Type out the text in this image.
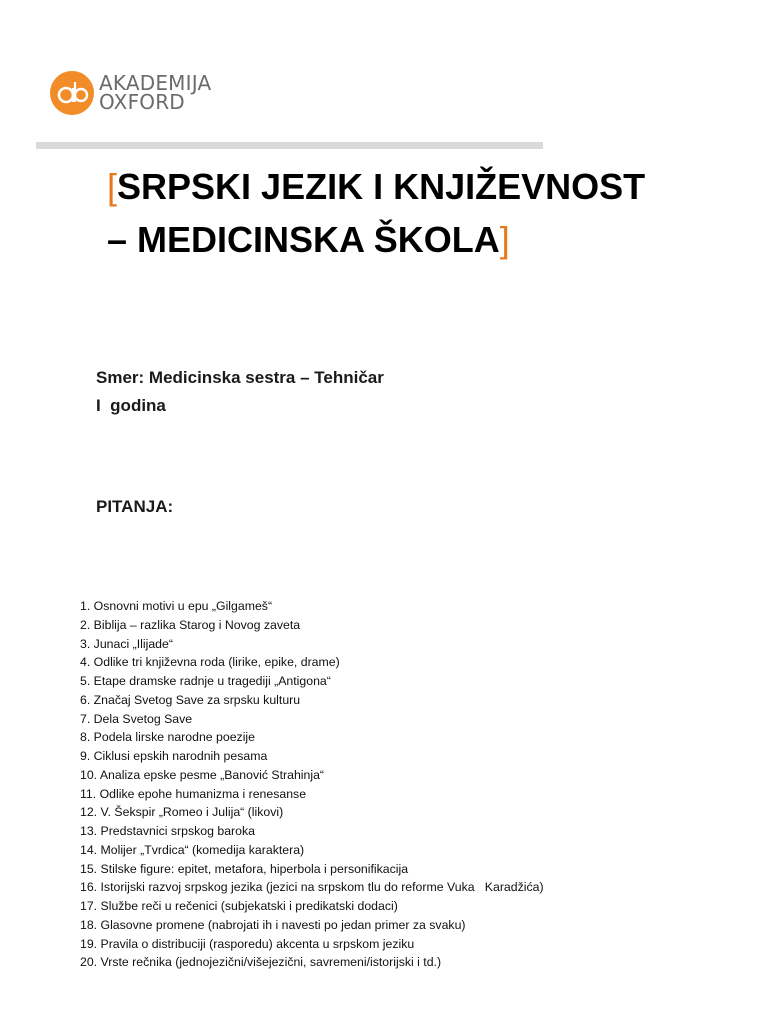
AKADEMIJA
OXFORD
[SRPSKI JEZIK I KNJIŽEVNOST – MEDICINSKA ŠKOLA]
Smer: Medicinska sestra – Tehničar
I  godina
PITANJA:
1. Osnovni motivi u epu „Gilgameš“
2. Biblija – razlika Starog i Novog zaveta
3. Junaci „Ilijade“
4. Odlike tri književna roda (lirike, epike, drame)
5. Etape dramske radnje u tragediji „Antigona“
6. Značaj Svetog Save za srpsku kulturu
7. Dela Svetog Save
8. Podela lirske narodne poezije
9. Ciklusi epskih narodnih pesama
10. Analiza epske pesme „Banović Strahinja“
11. Odlike epohe humanizma i renesanse
12. V. Šekspir „Romeo i Julija“ (likovi)
13. Predstavnici srpskog baroka
14. Molijer „Tvrdica“ (komedija karaktera)
15. Stilske figure: epitet, metafora, hiperbola i personifikacija
16. Istorijski razvoj srpskog jezika (jezici na srpskom tlu do reforme Vuka   Karadžića)
17. Službe reči u rečenici (subjekatski i predikatski dodaci)
18. Glasovne promene (nabrojati ih i navesti po jedan primer za svaku)
19. Pravila o distribuciji (rasporedu) akcenta u srpskom jeziku
20. Vrste rečnika (jednojezični/višejezični, savremeni/istorijski i td.)
